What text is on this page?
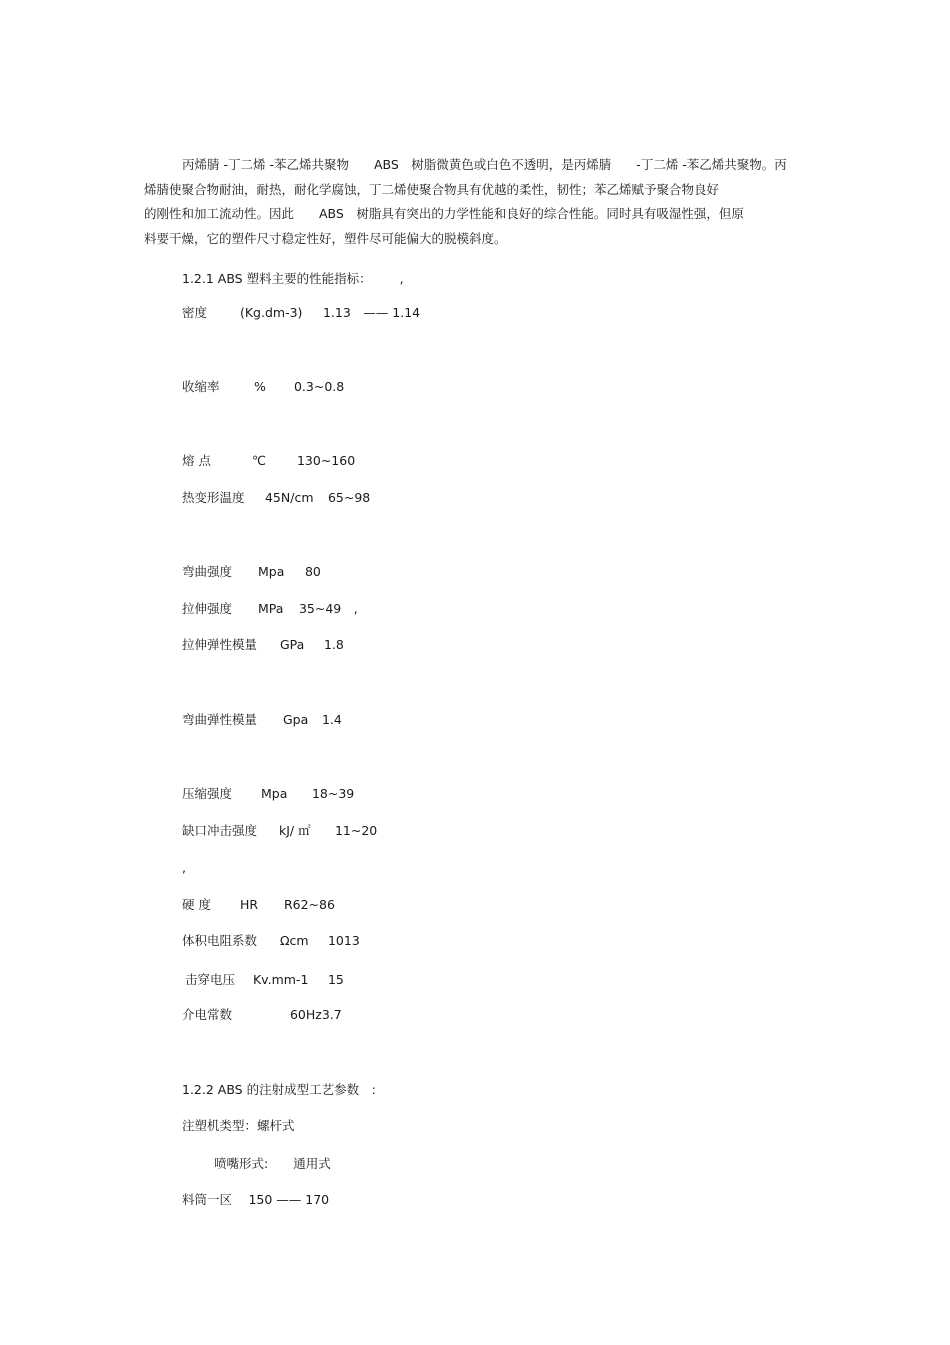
丙烯腈 -丁二烯 -苯乙烯共聚物　　ABS　树脂微黄色或白色不透明，是丙烯腈　　-丁二烯 -苯乙烯共聚物。丙
烯腈使聚合物耐油，耐热，耐化学腐蚀，丁二烯使聚合物具有优越的柔性，韧性；苯乙烯赋予聚合物良好
的刚性和加工流动性。因此　　ABS　树脂具有突出的力学性能和良好的综合性能。同时具有吸湿性强，但原
料要干燥，它的塑件尺寸稳定性好，塑件尽可能偏大的脱模斜度。
1.2.1 ABS 塑料主要的性能指标： ,
密度	(Kg.dm-3) 1.13　—— 1.14
收缩率	% 0.3~0.8
熔 点	℃ 130~160
热变形温度 45N/cm 65~98
弯曲强度 Mpa 80
拉伸强度 MPa 35~49　,
拉伸弹性模量 GPa 1.8
弯曲弹性模量 Gpa 1.4
压缩强度 Mpa 18~39
缺口冲击强度 kJ/ ㎡ 11~20
,
硬 度 HR R62~86
体积电阻系数 Ωcm 1013
击穿电压 Kv.mm-1 15
介电常数	60Hz3.7
1.2.2 ABS 的注射成型工艺参数　:
注塑机类型：螺杆式
喷嘴形式:　　通用式
料筒一区　 150 —— 170
